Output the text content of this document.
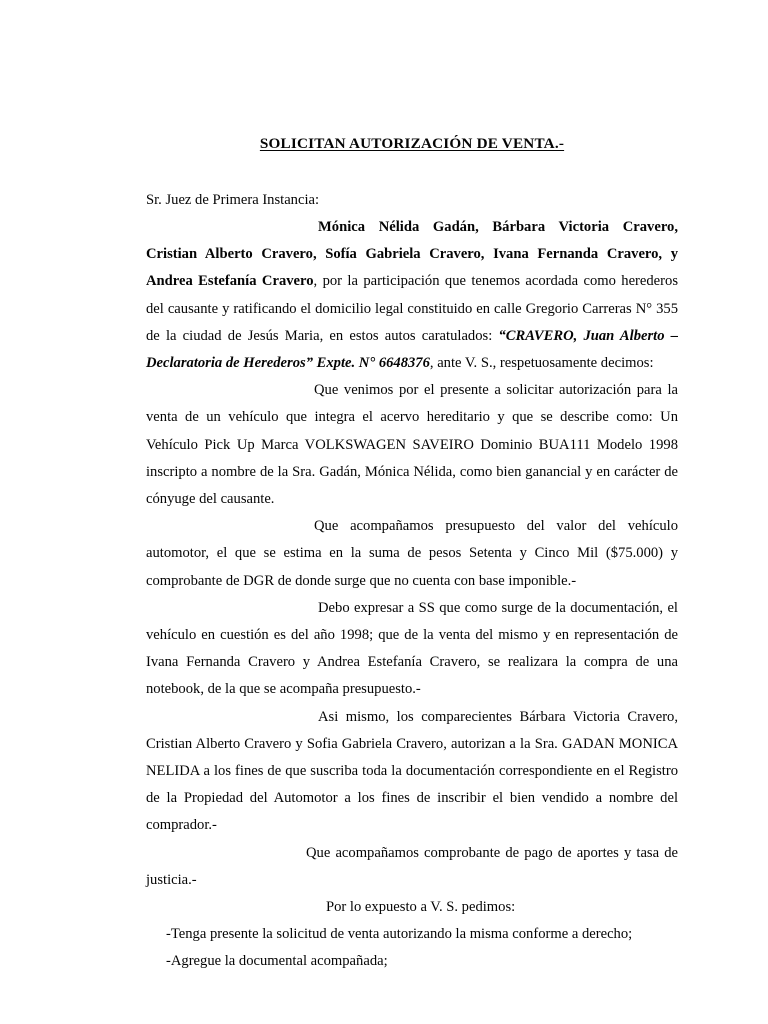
SOLICITAN AUTORIZACIÓN DE VENTA.-

Sr. Juez de Primera Instancia:

Mónica Nélida Gadán, Bárbara Victoria Cravero, Cristian Alberto Cravero, Sofía Gabriela Cravero, Ivana Fernanda Cravero, y Andrea Estefanía Cravero, por la participación que tenemos acordada como herederos del causante y ratificando el domicilio legal constituido en calle Gregorio Carreras N° 355 de la ciudad de Jesús Maria, en estos autos caratulados: “CRAVERO, Juan Alberto – Declaratoria de Herederos” Expte. N° 6648376, ante V. S., respetuosamente decimos:

Que venimos por el presente a solicitar autorización para la venta de un vehículo que integra el acervo hereditario y que se describe como: Un Vehículo Pick Up Marca VOLKSWAGEN SAVEIRO Dominio BUA111 Modelo 1998 inscripto a nombre de la Sra. Gadán, Mónica Nélida, como bien ganancial y en carácter de cónyuge del causante.

Que acompañamos presupuesto del valor del vehículo automotor, el que se estima en la suma de pesos Setenta y Cinco Mil ($75.000) y comprobante de DGR de donde surge que no cuenta con base imponible.-

Debo expresar a SS que como surge de la documentación, el vehículo en cuestión es del año 1998; que de la venta del mismo y en representación de Ivana Fernanda Cravero y Andrea Estefanía Cravero, se realizara la compra de una notebook, de la que se acompaña presupuesto.-

Asi mismo, los comparecientes Bárbara Victoria Cravero, Cristian Alberto Cravero y Sofia Gabriela Cravero, autorizan a la Sra. GADAN MONICA NELIDA a los fines de que suscriba toda la documentación correspondiente en el Registro de la Propiedad del Automotor a los fines de inscribir el bien vendido a nombre del comprador.-

Que acompañamos comprobante de pago de aportes y tasa de justicia.-

Por lo expuesto a V. S. pedimos:

-Tenga presente la solicitud de venta autorizando la misma conforme a derecho;
-Agregue la documental acompañada;
